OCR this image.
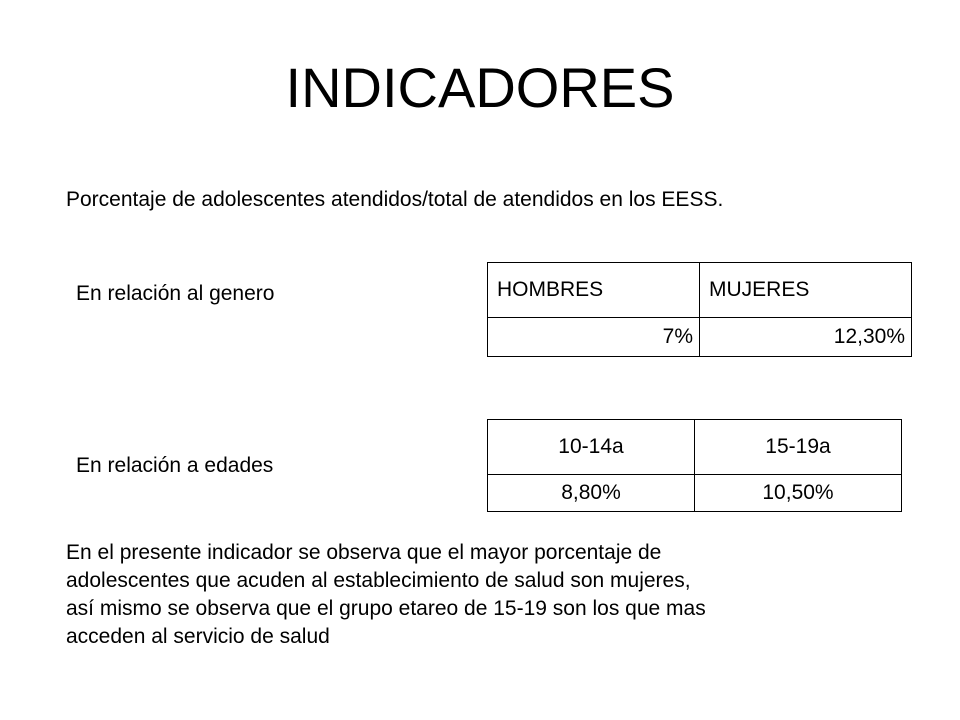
INDICADORES
Porcentaje de adolescentes atendidos/total de atendidos en los EESS.
En relación al genero	HOMBRES	MUJERES
7%	12,30%
En relación a edades
10-14a	15-19a
8,80%	10,50%
En el presente indicador se observa que el mayor porcentaje de
adolescentes que acuden al establecimiento de salud son mujeres,
así mismo se observa que el grupo etareo de 15-19 son los que mas
acceden al servicio de salud
